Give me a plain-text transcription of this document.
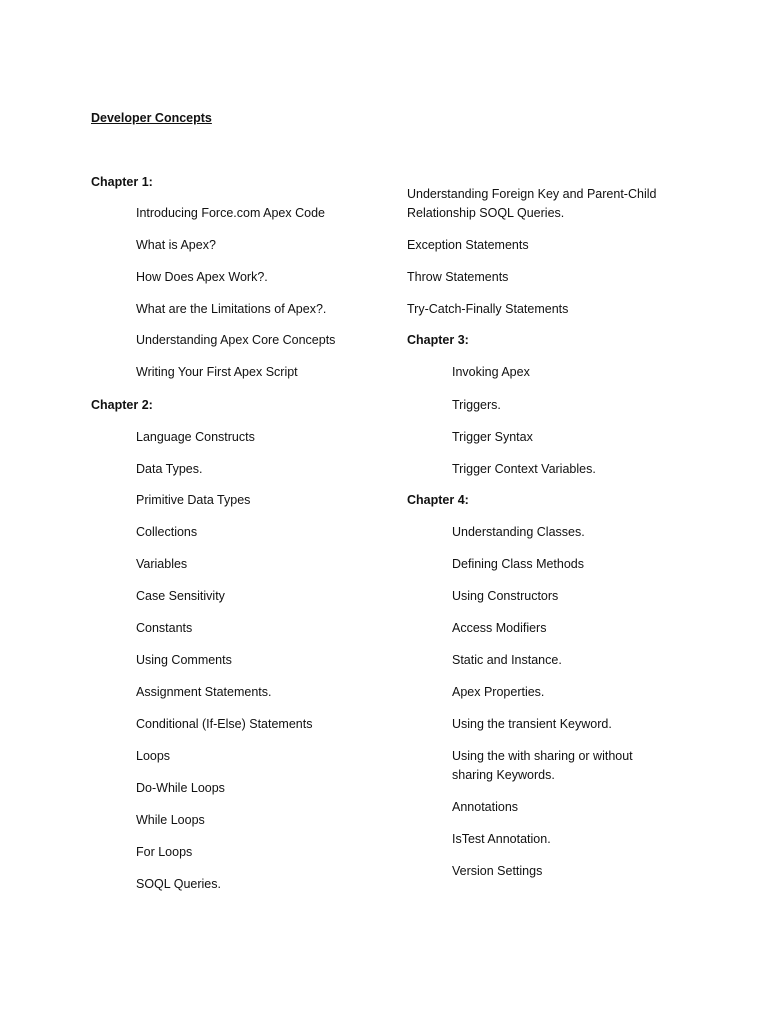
Developer Concepts
Chapter 1:
Introducing Force.com Apex Code
What is Apex?
How Does Apex Work?.
What are the Limitations of Apex?.
Understanding Apex Core Concepts
Writing Your First Apex Script
Chapter 2:
Language Constructs
Data Types.
Primitive Data Types
Collections
Variables
Case Sensitivity
Constants
Using Comments
Assignment Statements.
Conditional (If-Else) Statements
Loops
Do-While Loops
While Loops
For Loops
SOQL Queries.
Understanding Foreign Key and Parent-Child
Relationship SOQL Queries.
Exception Statements
Throw Statements
Try-Catch-Finally Statements
Chapter 3:
Invoking Apex
Triggers.
Trigger Syntax
Trigger Context Variables.
Chapter 4:
Understanding Classes.
Defining Class Methods
Using Constructors
Access Modifiers
Static and Instance.
Apex Properties.
Using the transient Keyword.
Using the with sharing or without
sharing Keywords.
Annotations
IsTest Annotation.
Version Settings
